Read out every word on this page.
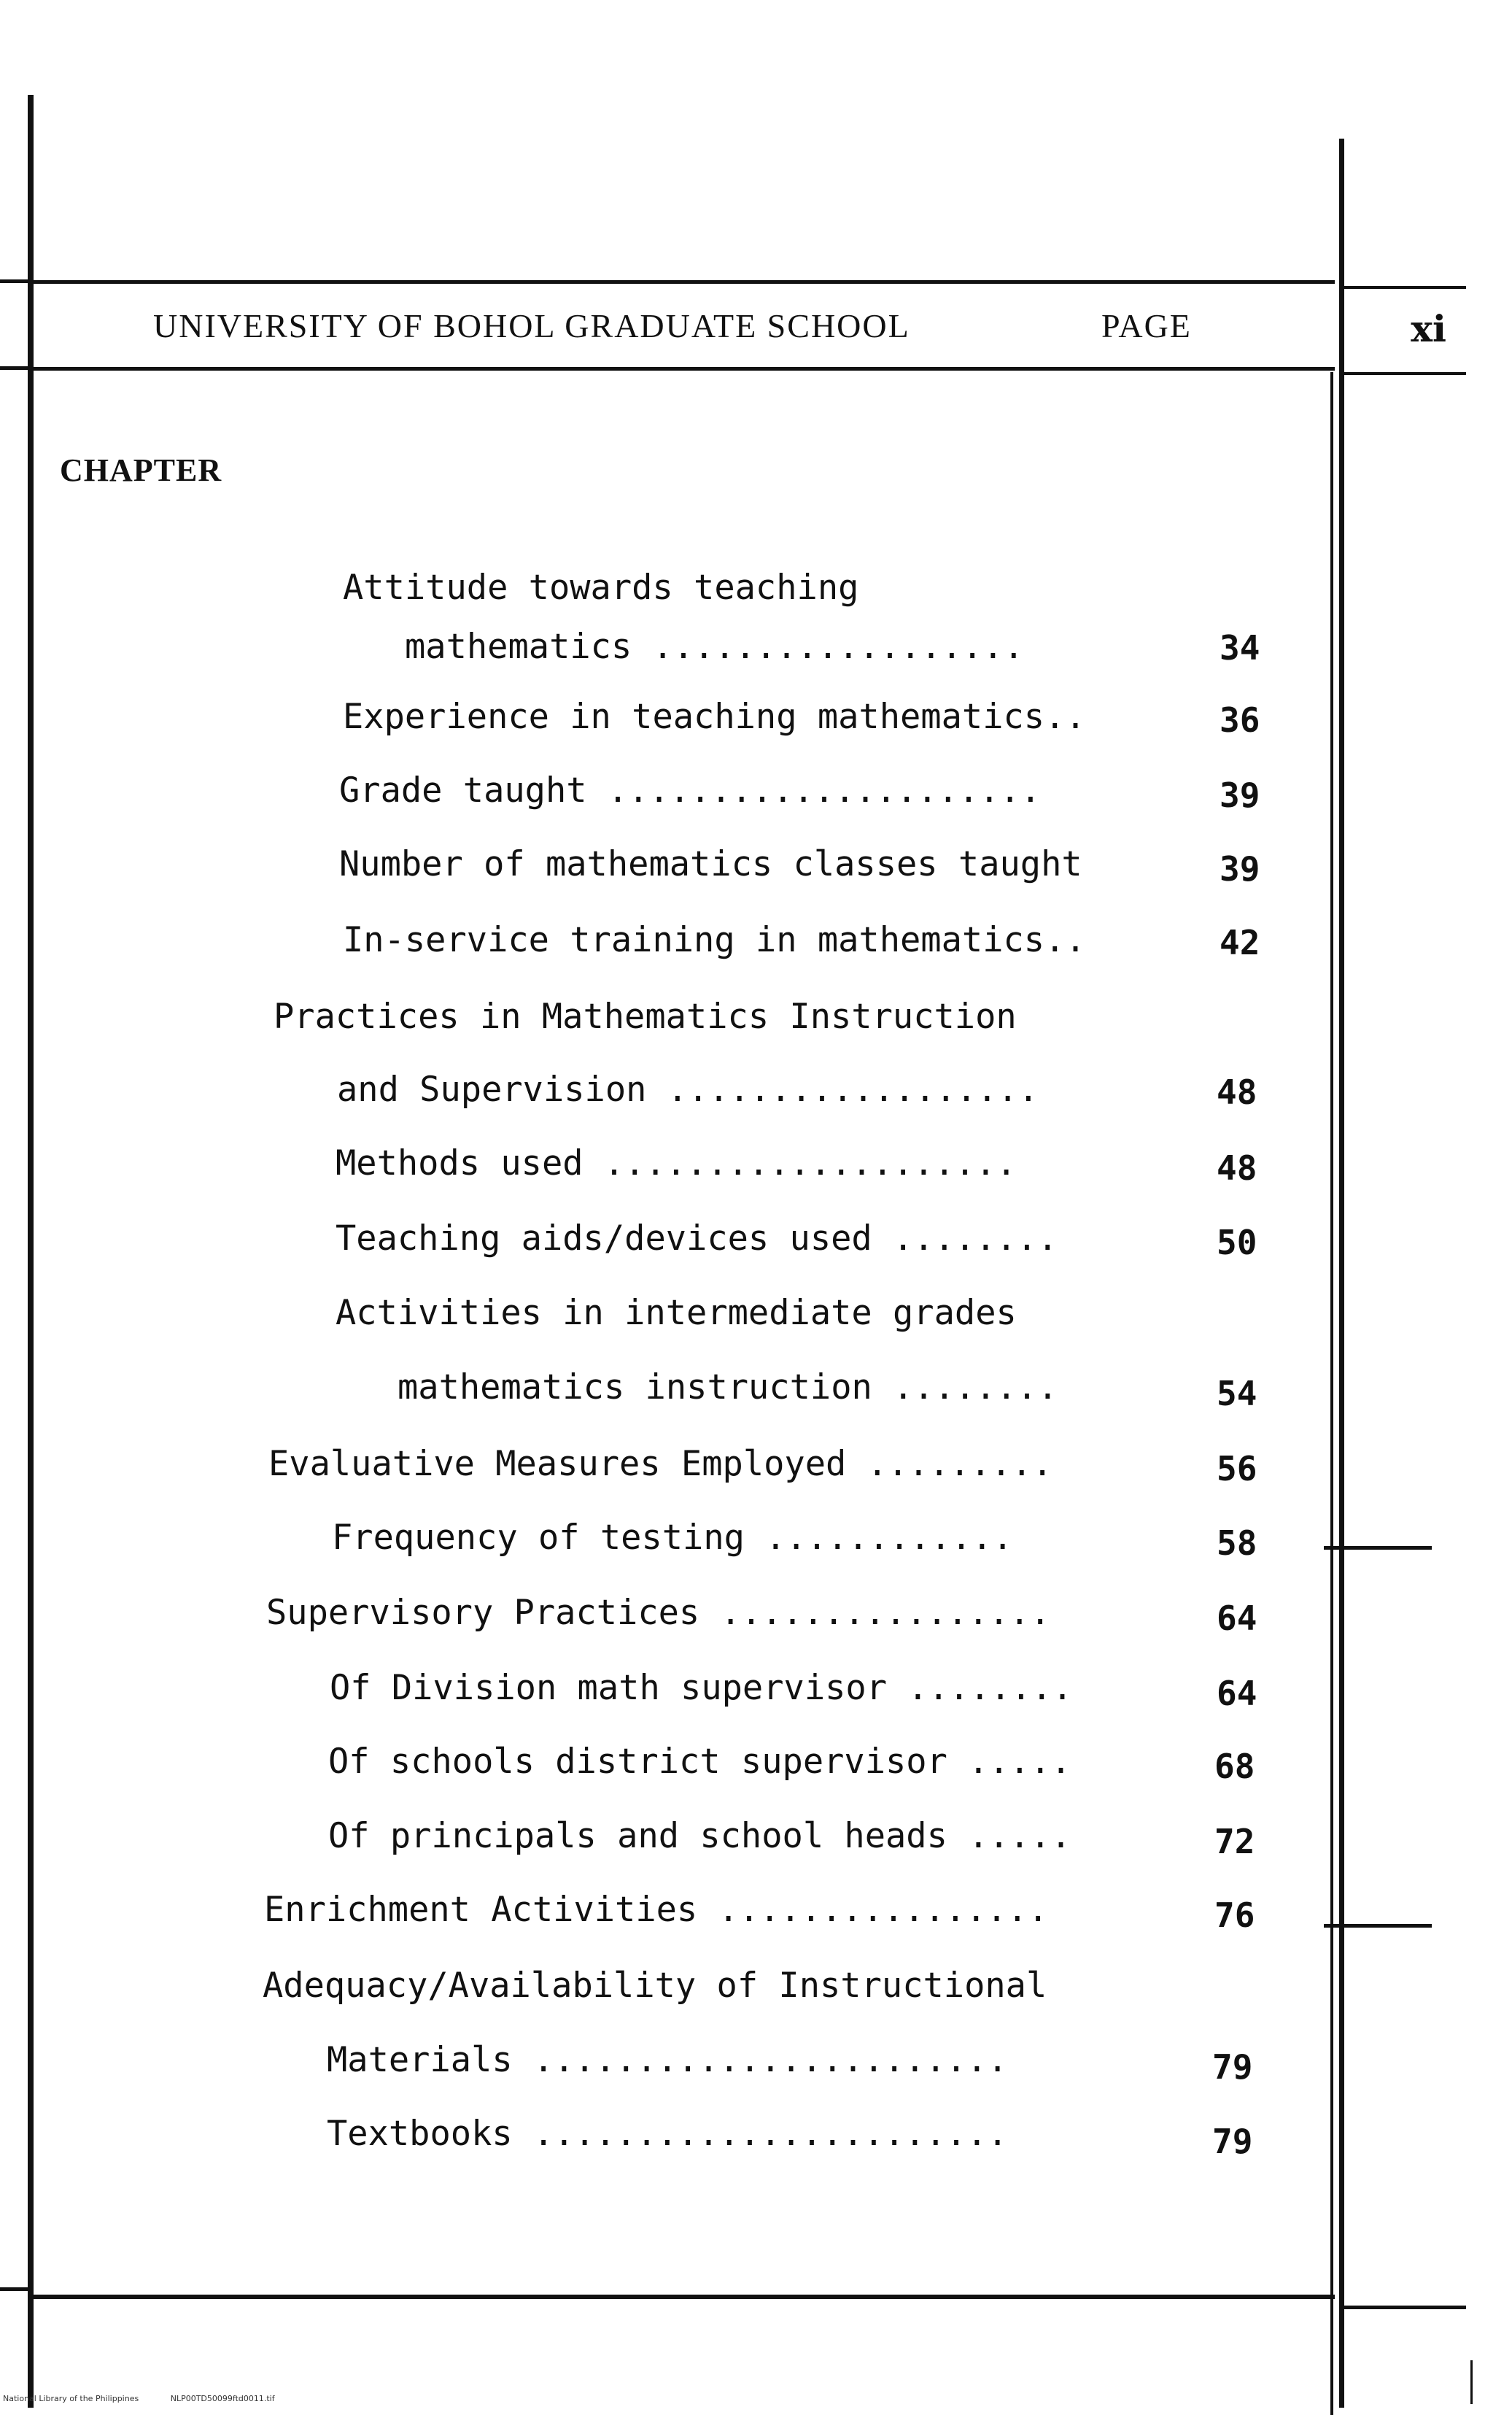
UNIVERSITY OF BOHOL GRADUATE SCHOOL	PAGE	xi
CHAPTER
Attitude towards teaching
mathematics ..................	34
Experience in teaching mathematics..	36
Grade taught .....................	39
Number of mathematics classes taught	39
In-service training in mathematics..	42
Practices in Mathematics Instruction
and Supervision ..................	48
Methods used ....................	48
Teaching aids/devices used ........	50
Activities in intermediate grades
mathematics instruction ........	54
Evaluative Measures Employed .........	56
Frequency of testing ............	58
Supervisory Practices ................	64
Of Division math supervisor ........	64
Of schools district supervisor .....	68
Of principals and school heads .....	72
Enrichment Activities ................	76
Adequacy/Availability of Instructional
Materials .......................	79
Textbooks .......................	79
National Library of the Philippines	NLP00TD50099ftd0011.tif
